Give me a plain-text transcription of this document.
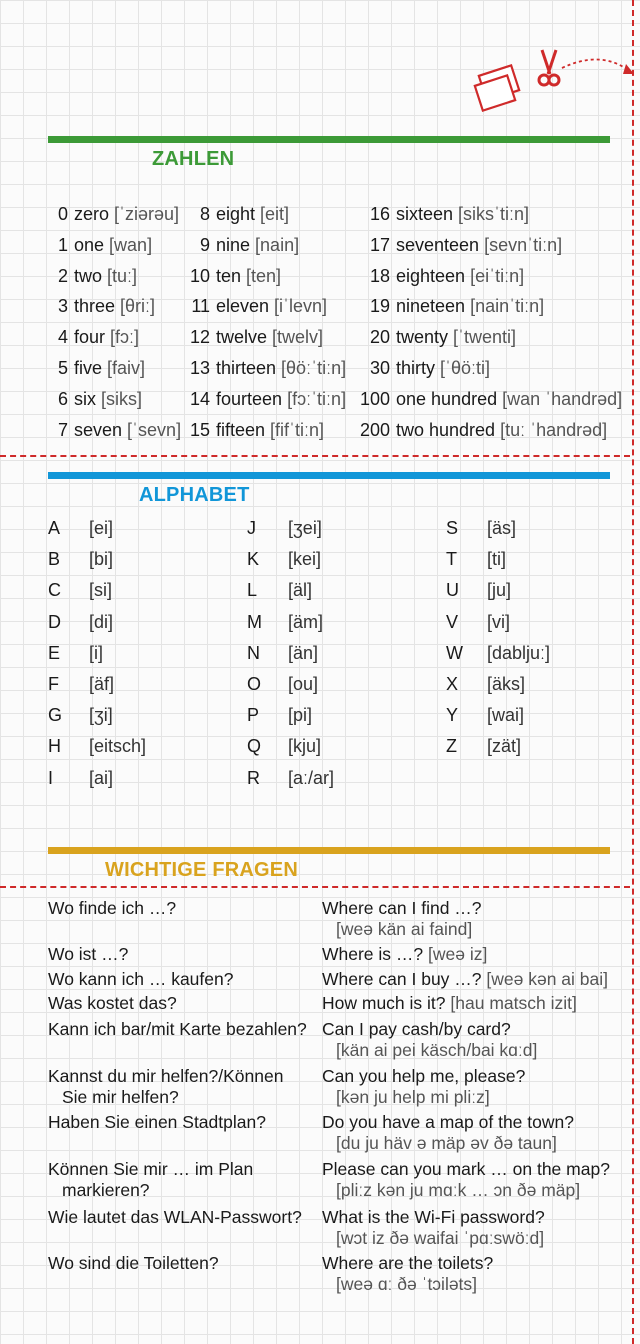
ZAHLEN
0 zero [ˈziərəu]
1 one [wan]
2 two [tuː]
3 three [θriː]
4 four [fɔː]
5 five [faiv]
6 six [siks]
7 seven [ˈsevn]
8 eight [eit]
9 nine [nain]
10 ten [ten]
11 eleven [iˈlevn]
12 twelve [twelv]
13 thirteen [θöːˈtiːn]
14 fourteen [fɔːˈtiːn]
15 fifteen [fifˈtiːn]
16 sixteen [siksˈtiːn]
17 seventeen [sevnˈtiːn]
18 eighteen [eiˈtiːn]
19 nineteen [nainˈtiːn]
20 twenty [ˈtwenti]
30 thirty [ˈθöːti]
100 one hundred [wan ˈhandrəd]
200 two hundred [tuː ˈhandrəd]
ALPHABET
A [ei]
B [bi]
C [si]
D [di]
E [i]
F [äf]
G [ʒi]
H [eitsch]
I [ai]
J [ʒei]
K [kei]
L [äl]
M [äm]
N [än]
O [ou]
P [pi]
Q [kju]
R [aː/ar]
S [äs]
T [ti]
U [ju]
V [vi]
W [dabljuː]
X [äks]
Y [wai]
Z [zät]
WICHTIGE FRAGEN
Wo finde ich …?	Where can I find …?
[weə kän ai faind]
Wo ist …?	Where is …? [weə iz]
Wo kann ich … kaufen?	Where can I buy …? [weə kən ai bai]
Was kostet das?	How much is it? [hau matsch izit]
Kann ich bar/mit Karte bezahlen? Can I pay cash/by card?
[kän ai pei käsch/bai kɑːd]
Kannst du mir helfen?/Können
Sie mir helfen?
Can you help me, please?
[kən ju help mi pliːz]
Haben Sie einen Stadtplan?	Do you have a map of the town?
[du ju häv ə mäp əv ðə taun]
Können Sie mir … im Plan
markieren?
Please can you mark … on the map?
[pliːz kən ju mɑːk … ɔn ðə mäp]
Wie lautet das WLAN-Passwort?	What is the Wi-Fi password?
[wɔt iz ðə waifai ˈpɑːswöːd]
Wo sind die Toiletten?	Where are the toilets?
[weə ɑː ðə ˈtɔiləts]
